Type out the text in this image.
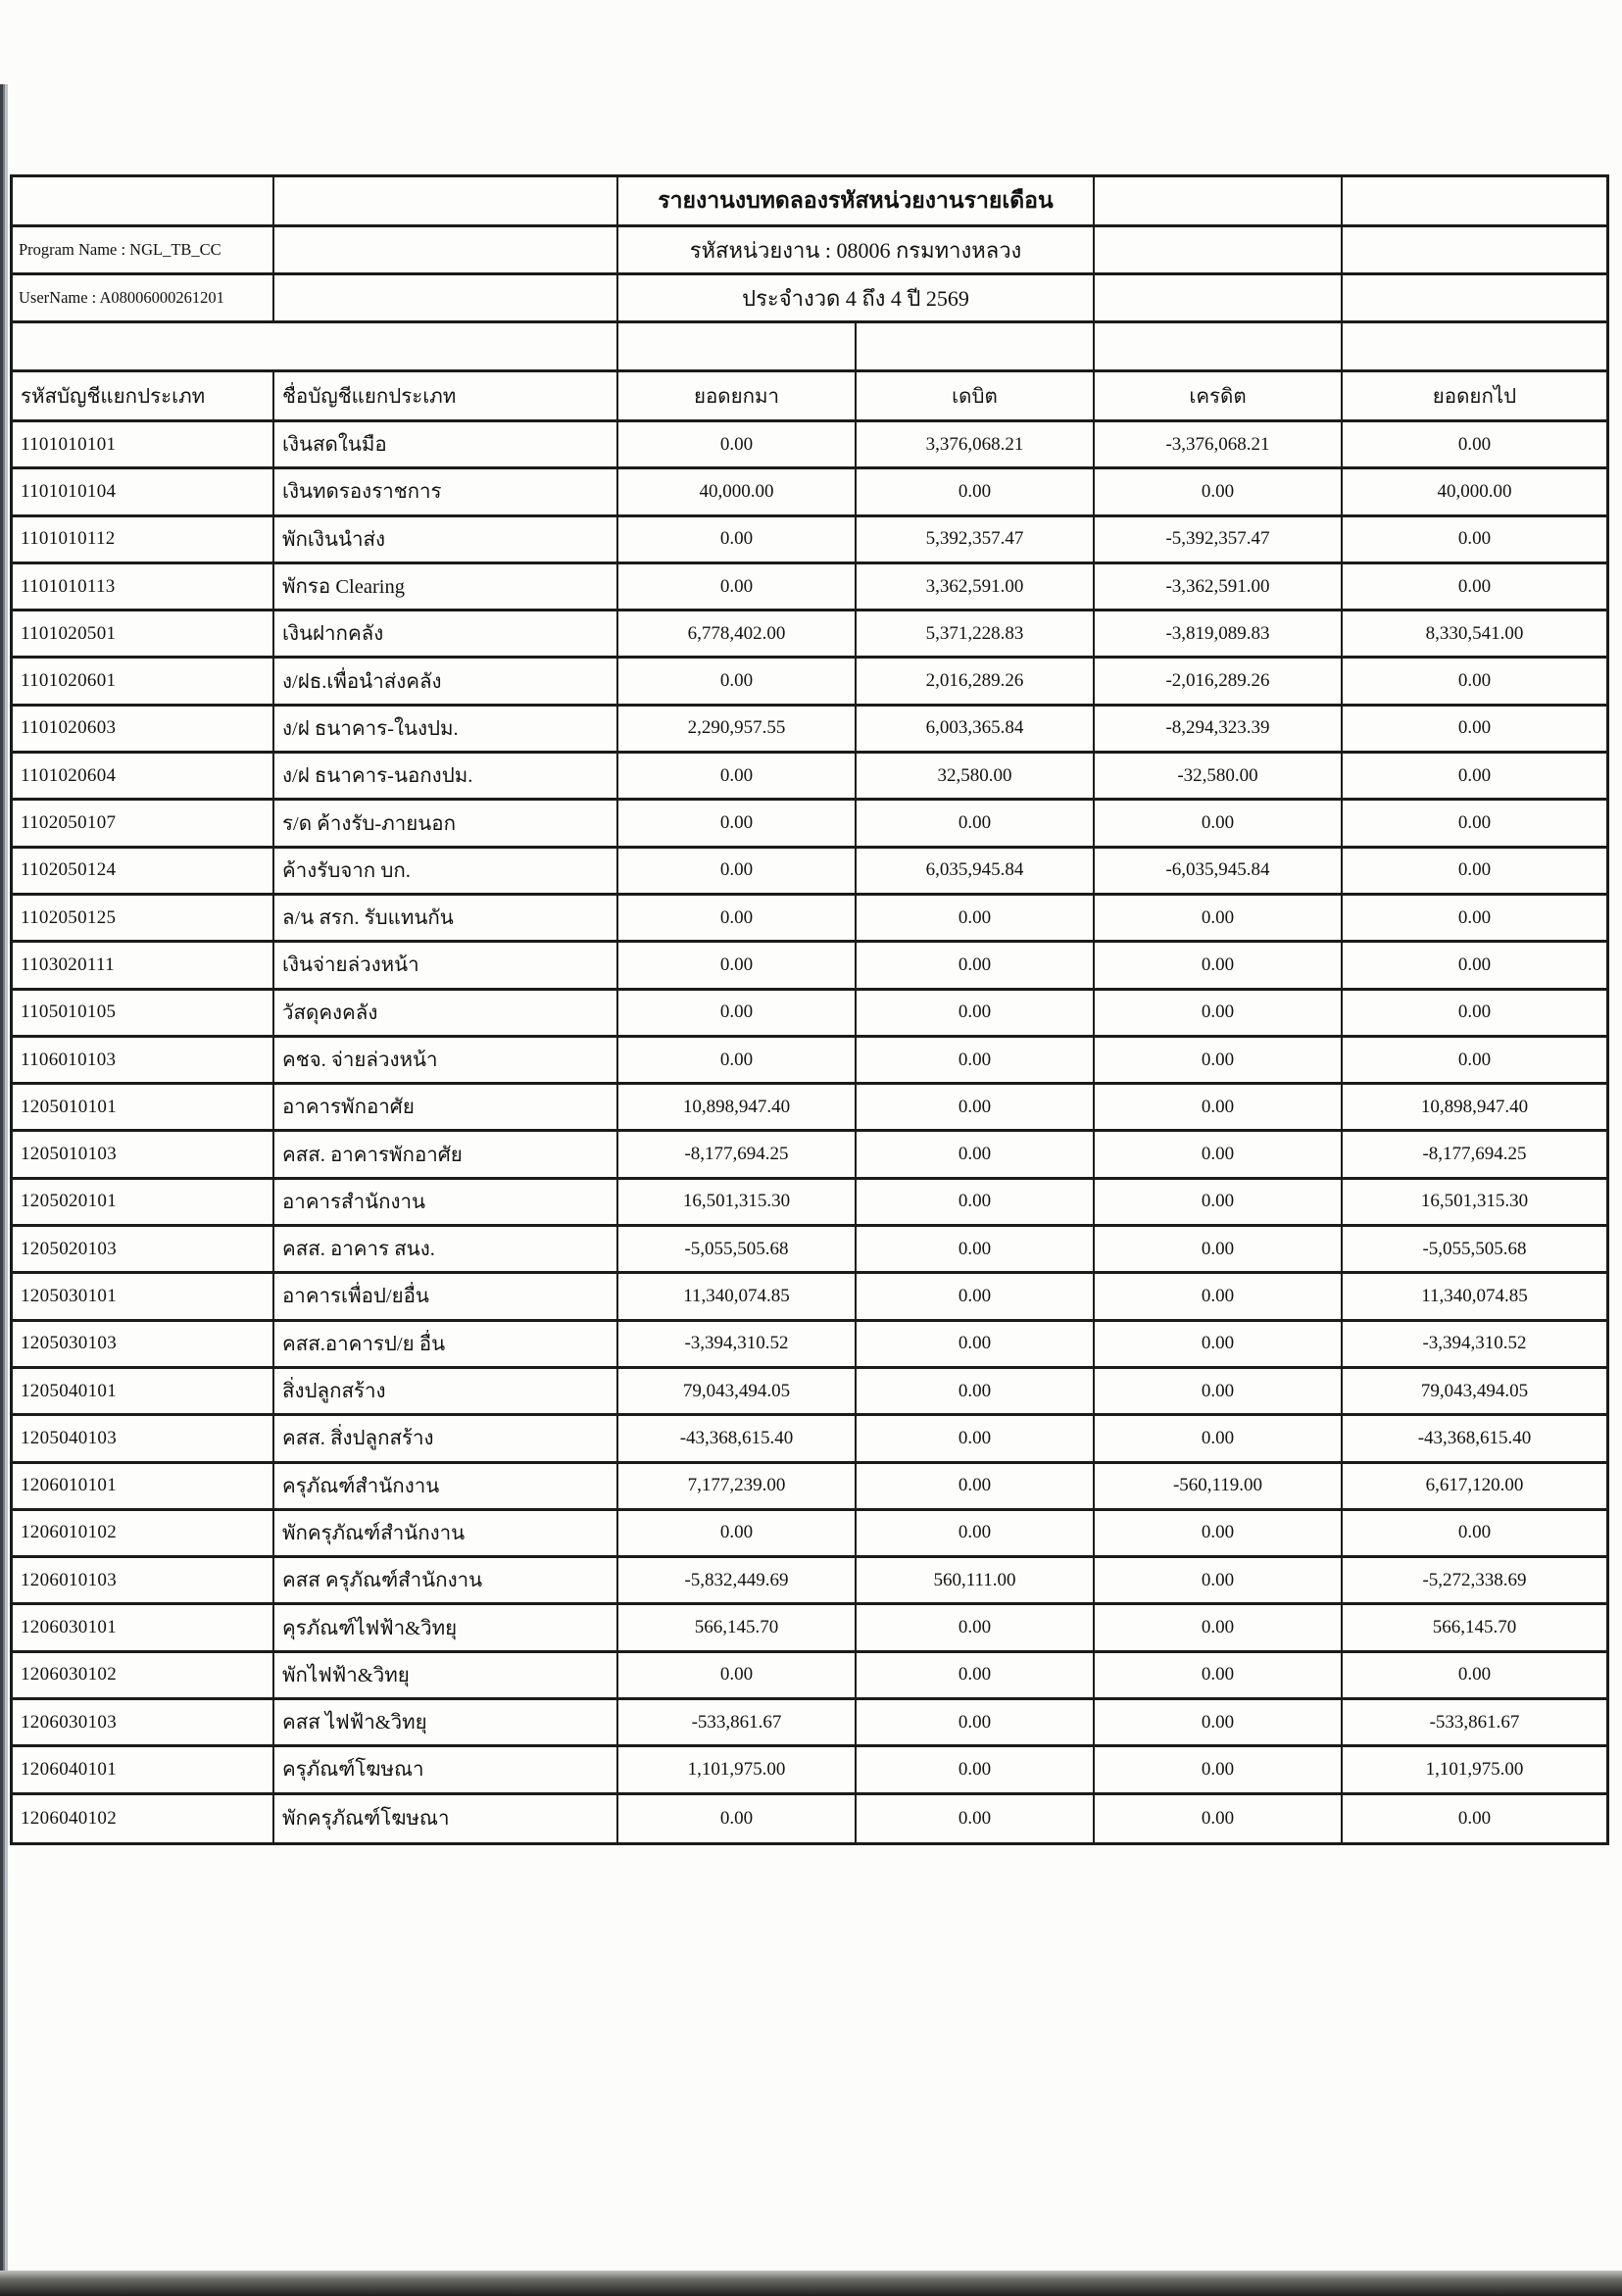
รายงานงบทดลองรหัสหน่วยงานรายเดือน
Program Name : NGL_TB_CC	รหัสหน่วยงาน : 08006 กรมทางหลวง
UserName : A08006000261201	ประจำงวด 4 ถึง 4 ปี 2569
รหัสบัญชีแยกประเภท	ชื่อบัญชีแยกประเภท	ยอดยกมา	เดบิต	เครดิต	ยอดยกไป
1101010101	เงินสดในมือ	0.00	3,376,068.21	-3,376,068.21	0.00
1101010104	เงินทดรองราชการ	40,000.00	0.00	0.00	40,000.00
1101010112	พักเงินนำส่ง	0.00	5,392,357.47	-5,392,357.47	0.00
1101010113	พักรอ Clearing	0.00	3,362,591.00	-3,362,591.00	0.00
1101020501	เงินฝากคลัง	6,778,402.00	5,371,228.83	-3,819,089.83	8,330,541.00
1101020601	ง/ฝธ.เพื่อนำส่งคลัง	0.00	2,016,289.26	-2,016,289.26	0.00
1101020603	ง/ฝ ธนาคาร-ในงปม.	2,290,957.55	6,003,365.84	-8,294,323.39	0.00
1101020604	ง/ฝ ธนาคาร-นอกงปม.	0.00	32,580.00	-32,580.00	0.00
1102050107	ร/ด ค้างรับ-ภายนอก	0.00	0.00	0.00	0.00
1102050124	ค้างรับจาก บก.	0.00	6,035,945.84	-6,035,945.84	0.00
1102050125	ล/น สรก. รับแทนกัน	0.00	0.00	0.00	0.00
1103020111	เงินจ่ายล่วงหน้า	0.00	0.00	0.00	0.00
1105010105	วัสดุคงคลัง	0.00	0.00	0.00	0.00
1106010103	คชจ. จ่ายล่วงหน้า	0.00	0.00	0.00	0.00
1205010101	อาคารพักอาศัย	10,898,947.40	0.00	0.00	10,898,947.40
1205010103	คสส. อาคารพักอาศัย	-8,177,694.25	0.00	0.00	-8,177,694.25
1205020101	อาคารสำนักงาน	16,501,315.30	0.00	0.00	16,501,315.30
1205020103	คสส. อาคาร สนง.	-5,055,505.68	0.00	0.00	-5,055,505.68
1205030101	อาคารเพื่อป/ยอื่น	11,340,074.85	0.00	0.00	11,340,074.85
1205030103	คสส.อาคารป/ย อื่น	-3,394,310.52	0.00	0.00	-3,394,310.52
1205040101	สิ่งปลูกสร้าง	79,043,494.05	0.00	0.00	79,043,494.05
1205040103	คสส. สิ่งปลูกสร้าง	-43,368,615.40	0.00	0.00	-43,368,615.40
1206010101	ครุภัณฑ์สำนักงาน	7,177,239.00	0.00	-560,119.00	6,617,120.00
1206010102	พักครุภัณฑ์สำนักงาน	0.00	0.00	0.00	0.00
1206010103	คสส ครุภัณฑ์สำนักงาน	-5,832,449.69	560,111.00	0.00	-5,272,338.69
1206030101	คุรภัณฑ์ไฟฟ้า&วิทยุ	566,145.70	0.00	0.00	566,145.70
1206030102	พักไฟฟ้า&วิทยุ	0.00	0.00	0.00	0.00
1206030103	คสส ไฟฟ้า&วิทยุ	-533,861.67	0.00	0.00	-533,861.67
1206040101	ครุภัณฑ์โฆษณา	1,101,975.00	0.00	0.00	1,101,975.00
1206040102	พักครุภัณฑ์โฆษณา	0.00	0.00	0.00	0.00
